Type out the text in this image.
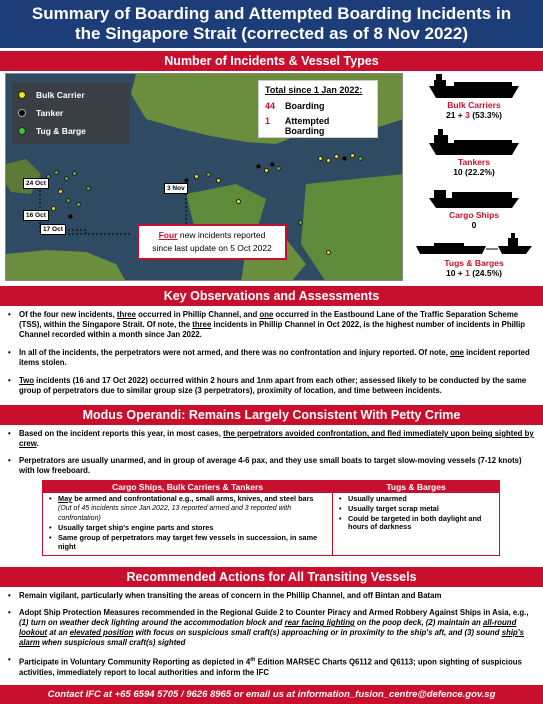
Summary of Boarding and Attempted Boarding Incidents in
the Singapore Strait (corrected as of 8 Nov 2022)
Number of Incidents & Vessel Types
Bulk Carrier
Tanker
Tug & Barge
Total since 1 Jan 2022:
44	Boarding
1	Attempted Boarding
24 Oct
16 Oct
17 Oct
3 Nov
Four new incidents reported
since last update on 5 Oct 2022
Bulk Carriers
21 + 3 (53.3%)
Tankers
10 (22.2%)
Cargo Ships
0
Tugs & Barges
10 + 1 (24.5%)
Key Observations and Assessments
• Of the four new incidents, three occurred in Phillip Channel, and one occurred in the Eastbound Lane of the Traffic Separation Scheme (TSS), within the Singapore Strait. Of note, the three incidents in Phillip Channel in Oct 2022, is the highest number of incidents in Phillip Channel recorded within a month since Jan 2022.
• In all of the incidents, the perpetrators were not armed, and there was no confrontation and injury reported. Of note, one incident reported items stolen.
• Two incidents (16 and 17 Oct 2022) occurred within 2 hours and 1nm apart from each other; assessed likely to be conducted by the same group of perpetrators due to similar group size (3 perpetrators), proximity of location, and time between incidents.
Modus Operandi: Remains Largely Consistent With Petty Crime
• Based on the incident reports this year, in most cases, the perpetrators avoided confrontation, and fled immediately upon being sighted by crew.
• Perpetrators are usually unarmed, and in group of average 4-6 pax, and they use small boats to target slow-moving vessels (7-12 knots) with low freeboard.
Cargo Ships, Bulk Carriers & Tankers
• May be armed and confrontational e.g., small arms, knives, and steel bars (Out of 45 incidents since Jan 2022, 13 reported armed and 3 reported with confrontation)
• Usually target ship's engine parts and stores
• Same group of perpetrators may target few vessels in succession, in same night
Tugs & Barges
• Usually unarmed
• Usually target scrap metal
• Could be targeted in both daylight and hours of darkness
Recommended Actions for All Transiting Vessels
• Remain vigilant, particularly when transiting the areas of concern in the Phillip Channel, and off Bintan and Batam
• Adopt Ship Protection Measures recommended in the Regional Guide 2 to Counter Piracy and Armed Robbery Against Ships in Asia, e.g., (1) turn on weather deck lighting around the accommodation block and rear facing lighting on the poop deck, (2) maintain an all-round lookout at an elevated position with focus on suspicious small craft(s) approaching or in proximity to the ship's aft, and (3) sound ship's alarm when suspicious small craft(s) sighted
• Participate in Voluntary Community Reporting as depicted in 4th Edition MARSEC Charts Q6112 and Q6113; upon sighting of suspicious activities, immediately report to local authorities and inform the IFC
Contact IFC at +65 6594 5705 / 9626 8965 or email us at information_fusion_centre@defence.gov.sg
